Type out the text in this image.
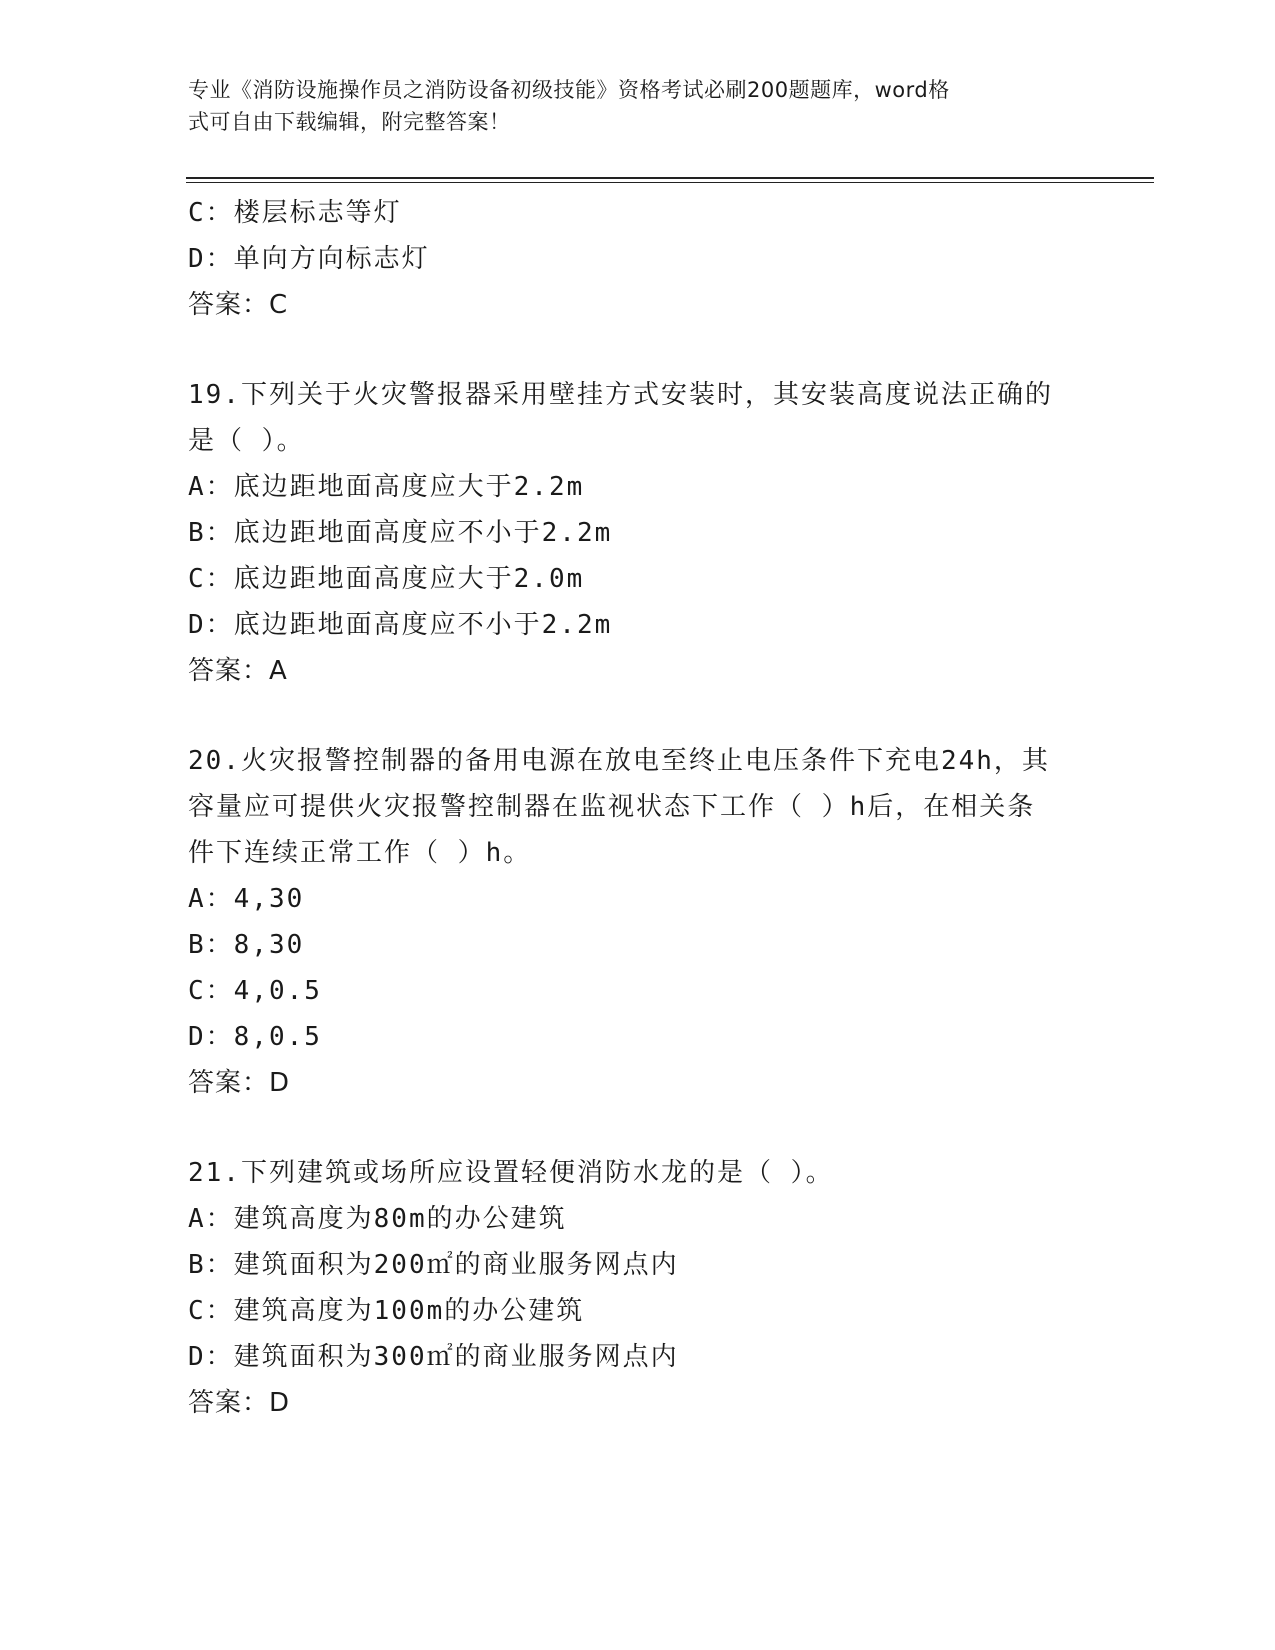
专业《消防设施操作员之消防设备初级技能》资格考试必刷200题题库，word格
式可自由下载编辑，附完整答案！
C：楼层标志等灯
D：单向方向标志灯
答案：C
19.下列关于火灾警报器采用壁挂方式安装时，其安装高度说法正确的
是（ ）。
A：底边距地面高度应大于2.2m
B：底边距地面高度应不小于2.2m
C：底边距地面高度应大于2.0m
D：底边距地面高度应不小于2.2m
答案：A
20.火灾报警控制器的备用电源在放电至终止电压条件下充电24h，其
容量应可提供火灾报警控制器在监视状态下工作（ ）h后，在相关条
件下连续正常工作（ ）h。
A：4,30
B：8,30
C：4,0.5
D：8,0.5
答案：D
21.下列建筑或场所应设置轻便消防水龙的是（ ）。
A：建筑高度为80m的办公建筑
B：建筑面积为200㎡的商业服务网点内
C：建筑高度为100m的办公建筑
D：建筑面积为300㎡的商业服务网点内
答案：D
